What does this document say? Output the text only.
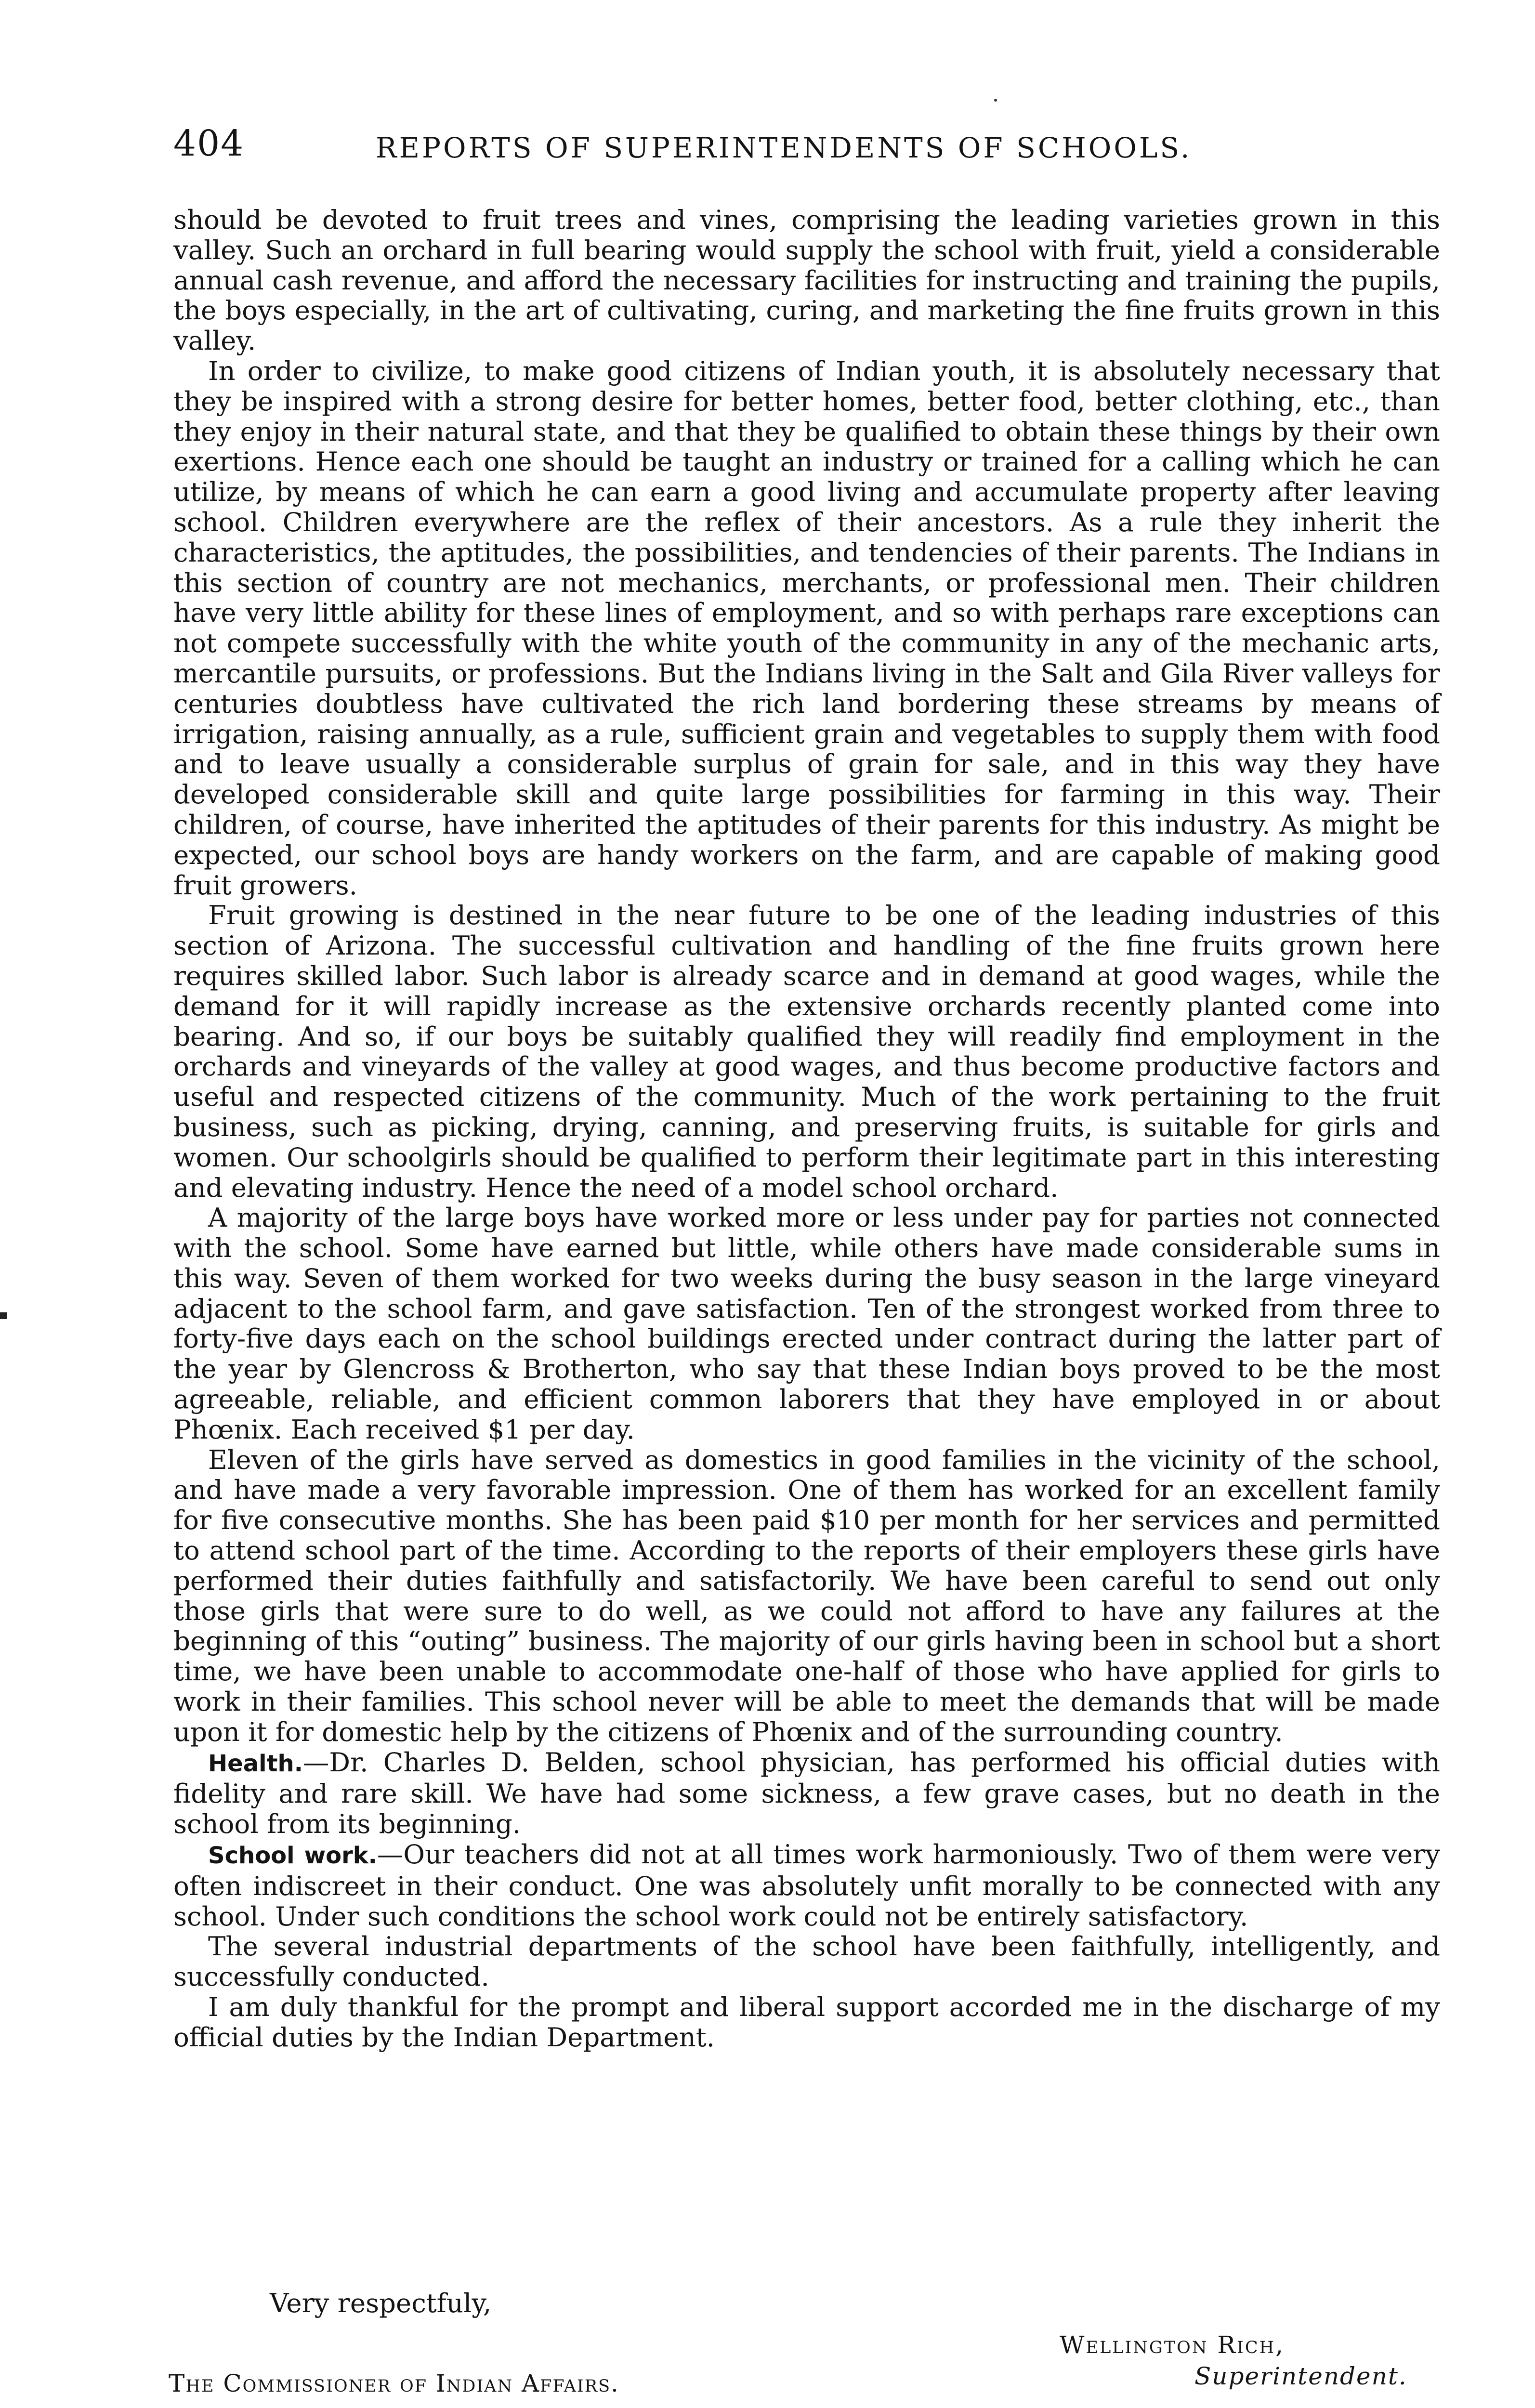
404	REPORTS OF SUPERINTENDENTS OF SCHOOLS.

should be devoted to fruit trees and vines, comprising the leading varieties grown in this valley. Such an orchard in full bearing would supply the school with fruit, yield a considerable annual cash revenue, and afford the necessary facilities for instructing and training the pupils, the boys especially, in the art of cultivating, curing, and marketing the fine fruits grown in this valley.

In order to civilize, to make good citizens of Indian youth, it is absolutely necessary that they be inspired with a strong desire for better homes, better food, better clothing, etc., than they enjoy in their natural state, and that they be qualified to obtain these things by their own exertions. Hence each one should be taught an industry or trained for a calling which he can utilize, by means of which he can earn a good living and accumulate property after leaving school. Children everywhere are the reflex of their ancestors. As a rule they inherit the characteristics, the aptitudes, the possibilities, and tendencies of their parents. The Indians in this section of country are not mechanics, merchants, or professional men. Their children have very little ability for these lines of employment, and so with perhaps rare exceptions can not compete successfully with the white youth of the community in any of the mechanic arts, mercantile pursuits, or professions. But the Indians living in the Salt and Gila River valleys for centuries doubtless have cultivated the rich land bordering these streams by means of irrigation, raising annually, as a rule, sufficient grain and vegetables to supply them with food and to leave usually a considerable surplus of grain for sale, and in this way they have developed considerable skill and quite large possibilities for farming in this way. Their children, of course, have inherited the aptitudes of their parents for this industry. As might be expected, our school boys are handy workers on the farm, and are capable of making good fruit growers.

Fruit growing is destined in the near future to be one of the leading industries of this section of Arizona. The successful cultivation and handling of the fine fruits grown here requires skilled labor. Such labor is already scarce and in demand at good wages, while the demand for it will rapidly increase as the extensive orchards recently planted come into bearing. And so, if our boys be suitably qualified they will readily find employment in the orchards and vineyards of the valley at good wages, and thus become productive factors and useful and respected citizens of the community. Much of the work pertaining to the fruit business, such as picking, drying, canning, and preserving fruits, is suitable for girls and women. Our schoolgirls should be qualified to perform their legitimate part in this interesting and elevating industry. Hence the need of a model school orchard.

A majority of the large boys have worked more or less under pay for parties not connected with the school. Some have earned but little, while others have made considerable sums in this way. Seven of them worked for two weeks during the busy season in the large vineyard adjacent to the school farm, and gave satisfaction. Ten of the strongest worked from three to forty-five days each on the school buildings erected under contract during the latter part of the year by Glencross & Brotherton, who say that these Indian boys proved to be the most agreeable, reliable, and efficient common laborers that they have employed in or about Phœnix. Each received $1 per day.

Eleven of the girls have served as domestics in good families in the vicinity of the school, and have made a very favorable impression. One of them has worked for an excellent family for five consecutive months. She has been paid $10 per month for her services and permitted to attend school part of the time. According to the reports of their employers these girls have performed their duties faithfully and satisfactorily. We have been careful to send out only those girls that were sure to do well, as we could not afford to have any failures at the beginning of this “outing” business. The majority of our girls having been in school but a short time, we have been unable to accommodate one-half of those who have applied for girls to work in their families. This school never will be able to meet the demands that will be made upon it for domestic help by the citizens of Phœnix and of the surrounding country.

Health.—Dr. Charles D. Belden, school physician, has performed his official duties with fidelity and rare skill. We have had some sickness, a few grave cases, but no death in the school from its beginning.

School work.—Our teachers did not at all times work harmoniously. Two of them were very often indiscreet in their conduct. One was absolutely unfit morally to be connected with any school. Under such conditions the school work could not be entirely satisfactory.

The several industrial departments of the school have been faithfully, intelligently, and successfully conducted.

I am duly thankful for the prompt and liberal support accorded me in the discharge of my official duties by the Indian Department.

Very respectfuly,
Wellington Rich,
Superintendent.
The Commissioner of Indian Affairs.
